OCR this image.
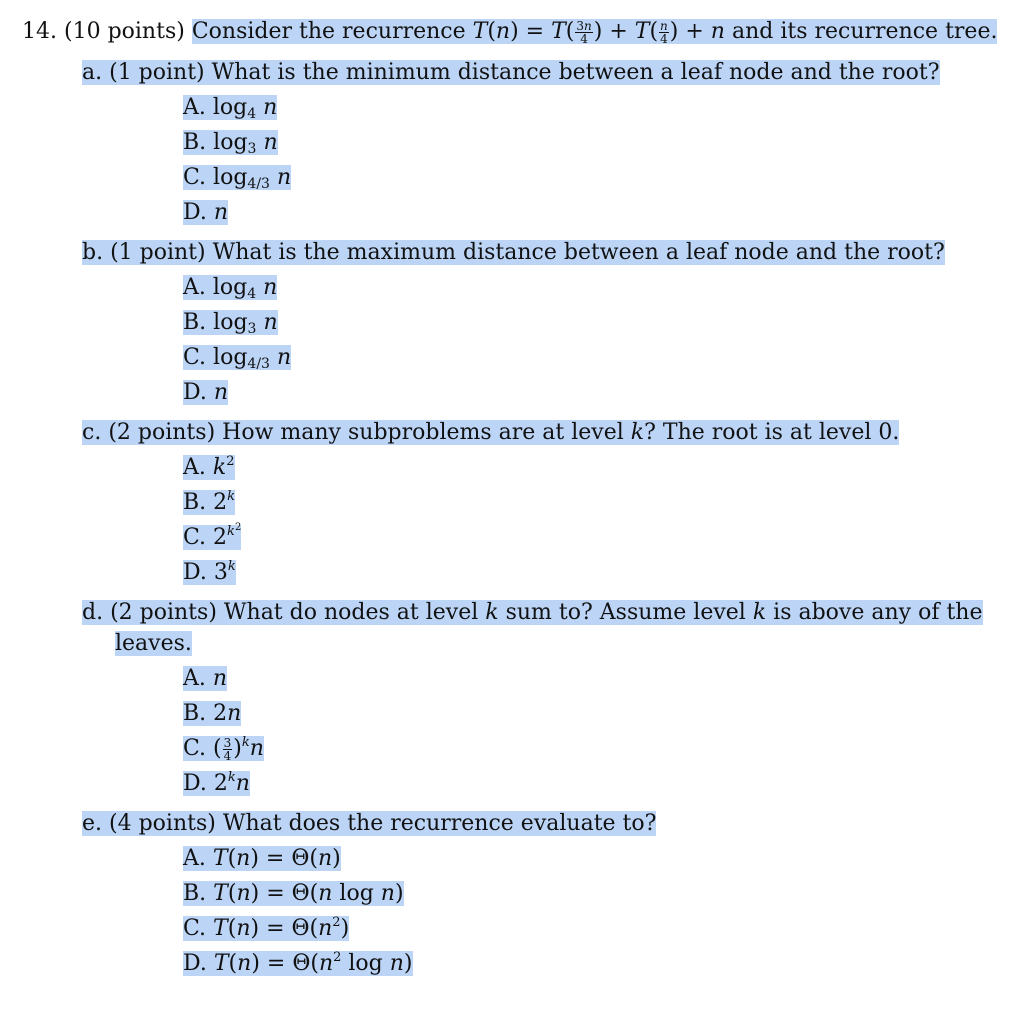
14. (10 points) Consider the recurrence $T(n) = T( \frac{3n}{4}$ ) + $T( \frac{n}{4}$ ) + n and its recurrence tree.
a. (1 point) What is the minimum distance between a leaf node and the root?
A. $\log_4 n$
B. $\log_3 n$
C. $\log_{4/3} n$
D. n
b. (1 point) What is the maximum distance between a leaf node and the root?
A. $\log_4 n$
B. $\log_3 n$
C. $\log_{4/3} n$
D. n
c. (2 points) How many subproblems are at level k? The root is at level 0.
A. $k^2$
B. 2$^k$
C. $2^{k^2}$
D. 3$^k$
d. (2 points) What do nodes at level k sum to? Assume level k is above any of the
leaves.
A. n
B. 2n
C. ( $\frac{3}{4} )^kn$
D. 2$^k$n
e. (4 points) What does the recurrence evaluate to?
A. T(n) = Θ(n)
B. T(n) = Θ(n log n)
C. $T(n) = \Theta(n^2)$
D. $T(n) = \Theta(n^2$ log n)
